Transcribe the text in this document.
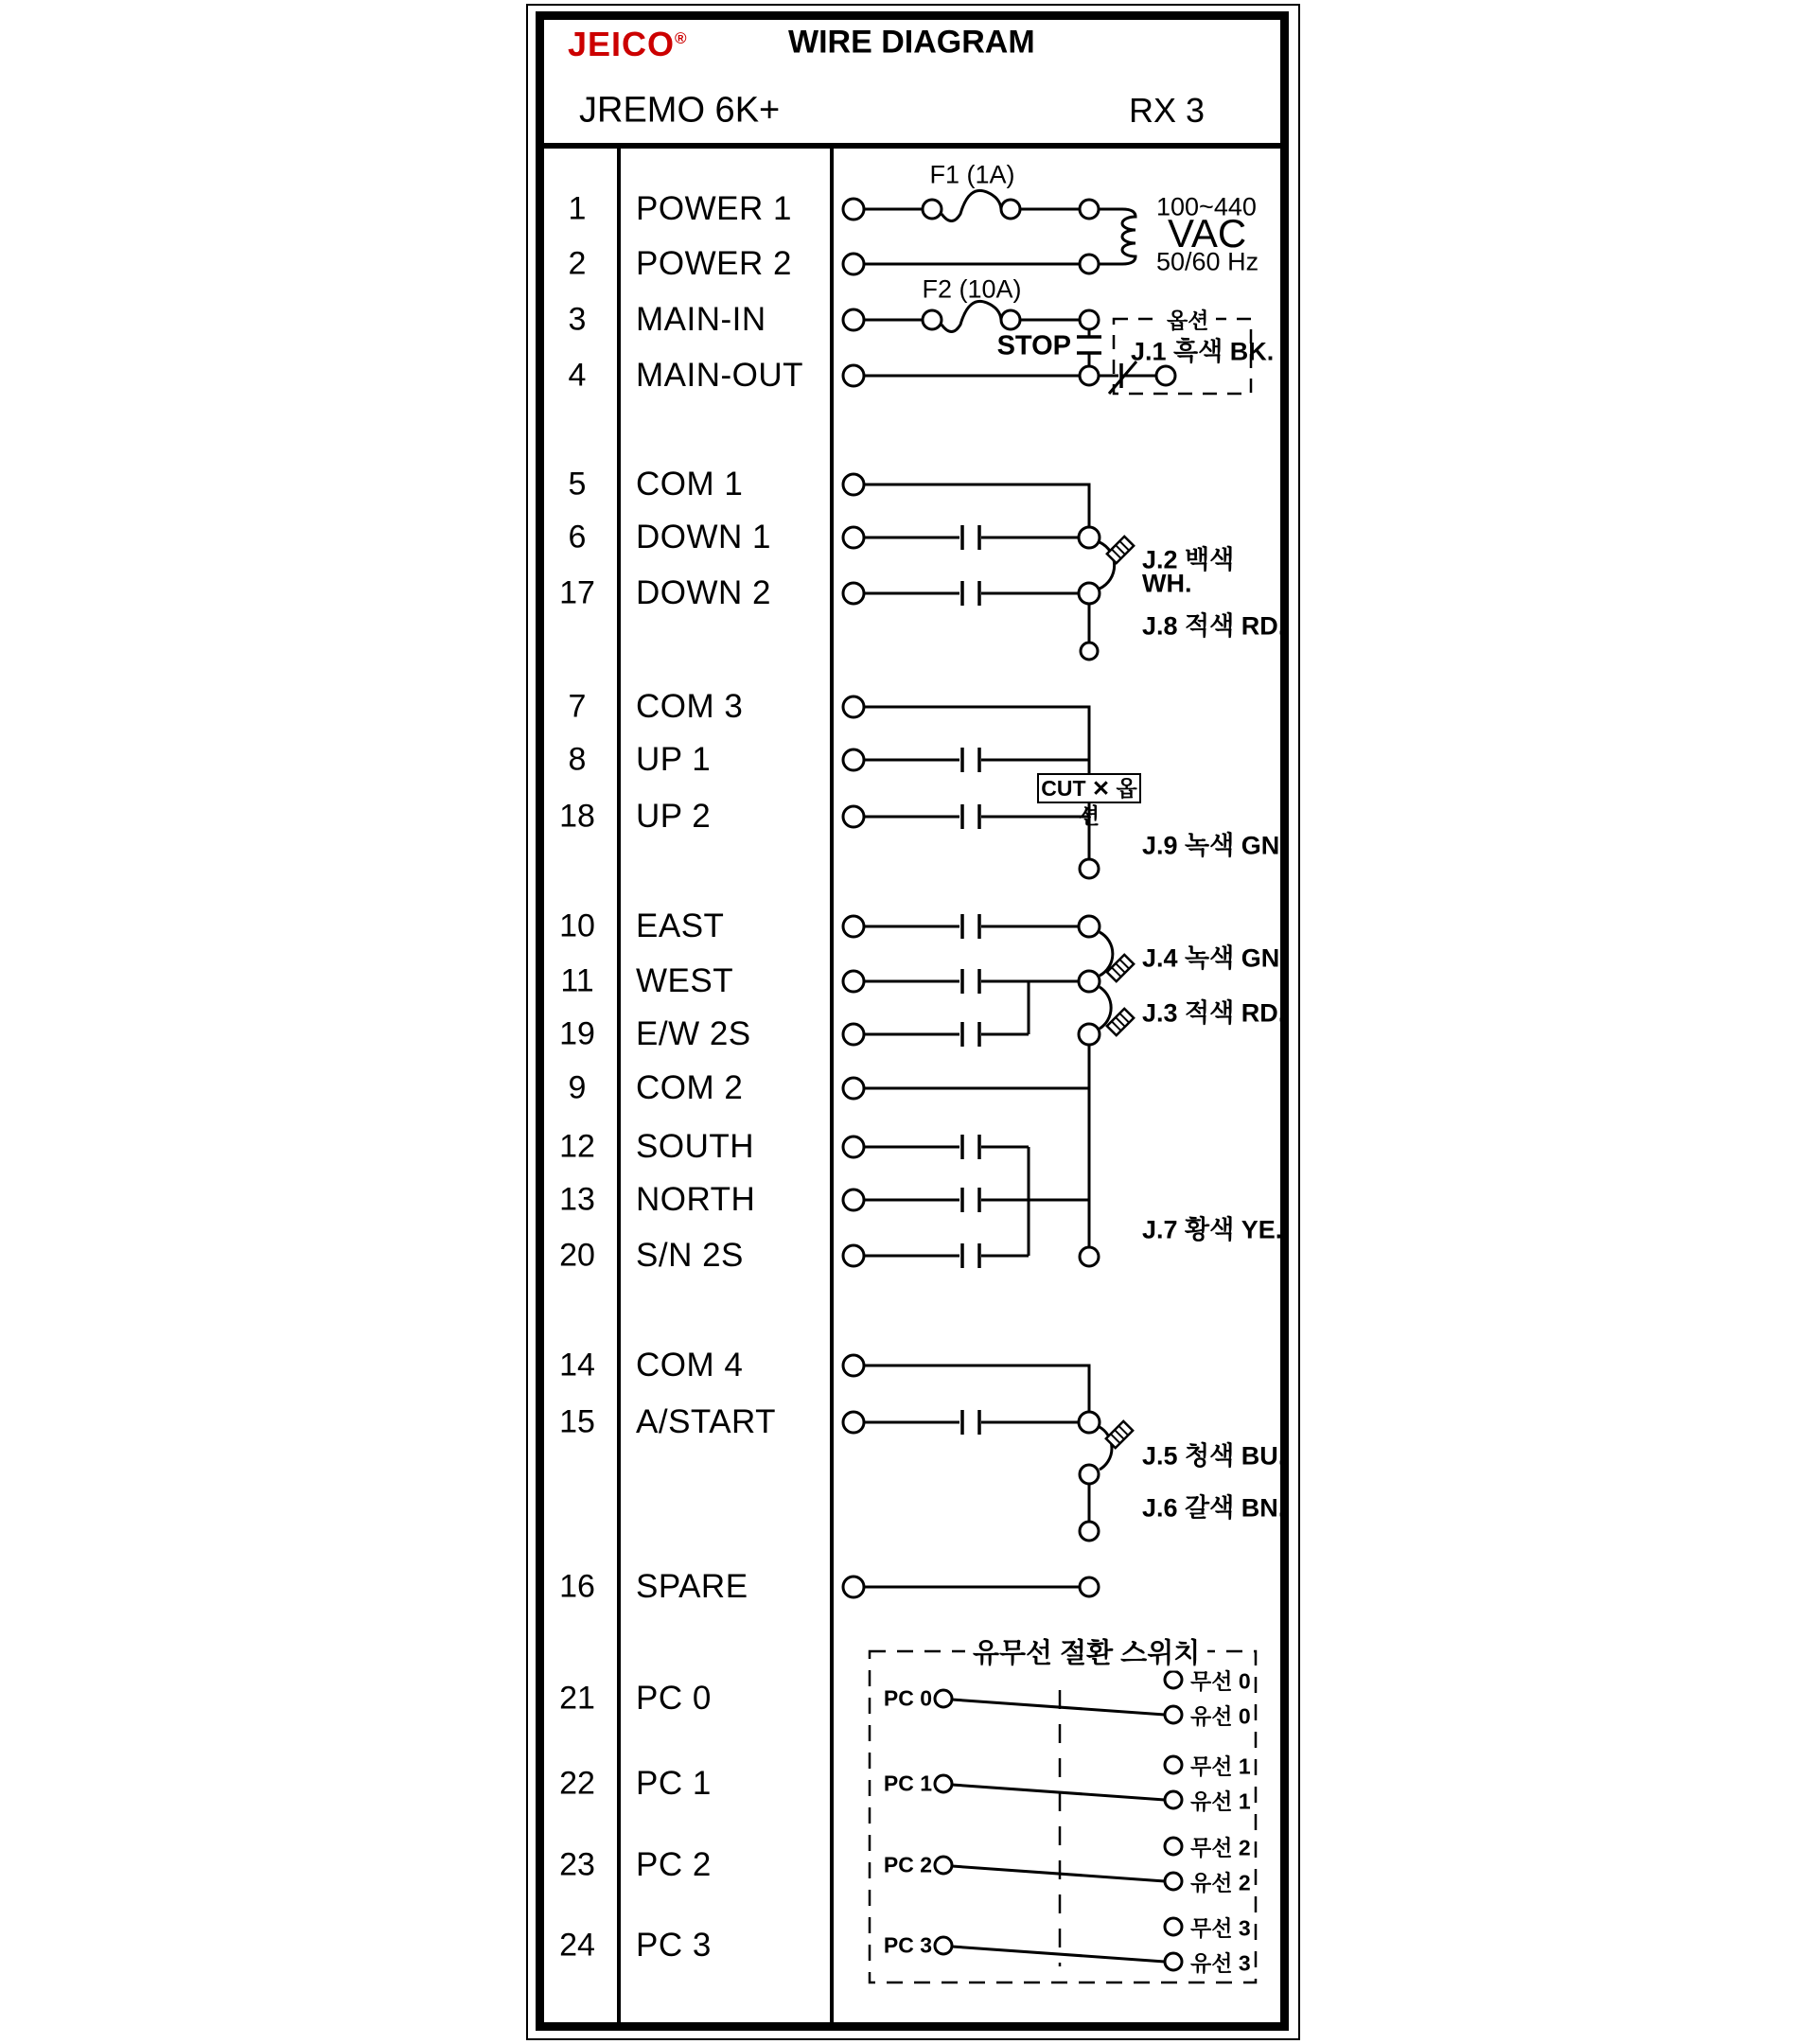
JEICO®	WIRE DIAGRAM
JREMO 6K+	RX 3
1	POWER 1
2	POWER 2
3	MAIN-IN
4	MAIN-OUT
5	COM 1
6	DOWN 1
17	DOWN 2
7	COM 3
8	UP 1
18	UP 2
10	EAST
11	WEST
19	E/W 2S
9	COM 2
12	SOUTH
13	NORTH
20	S/N 2S
14	COM 4
15	A/START
16	SPARE
21	PC 0
22	PC 1
23	PC 2
24	PC 3
F1 (1A)
F2 (10A)
100~440
VAC
50/60 Hz
STOP
옵션
J.1 흑색 BK.
J.2 백색
WH.
J.8 적색 RD.
CUT ✕ 옵션
J.9 녹색 GN.
J.4 녹색 GN.
J.3 적색 RD.
J.7 황색 YE.
J.5 청색 BU.
J.6 갈색 BN.
유무선 절환 스위치
PC 0
무선 0
유선 0
PC 1
무선 1
유선 1
PC 2
무선 2
유선 2
PC 3
무선 3
유선 3
